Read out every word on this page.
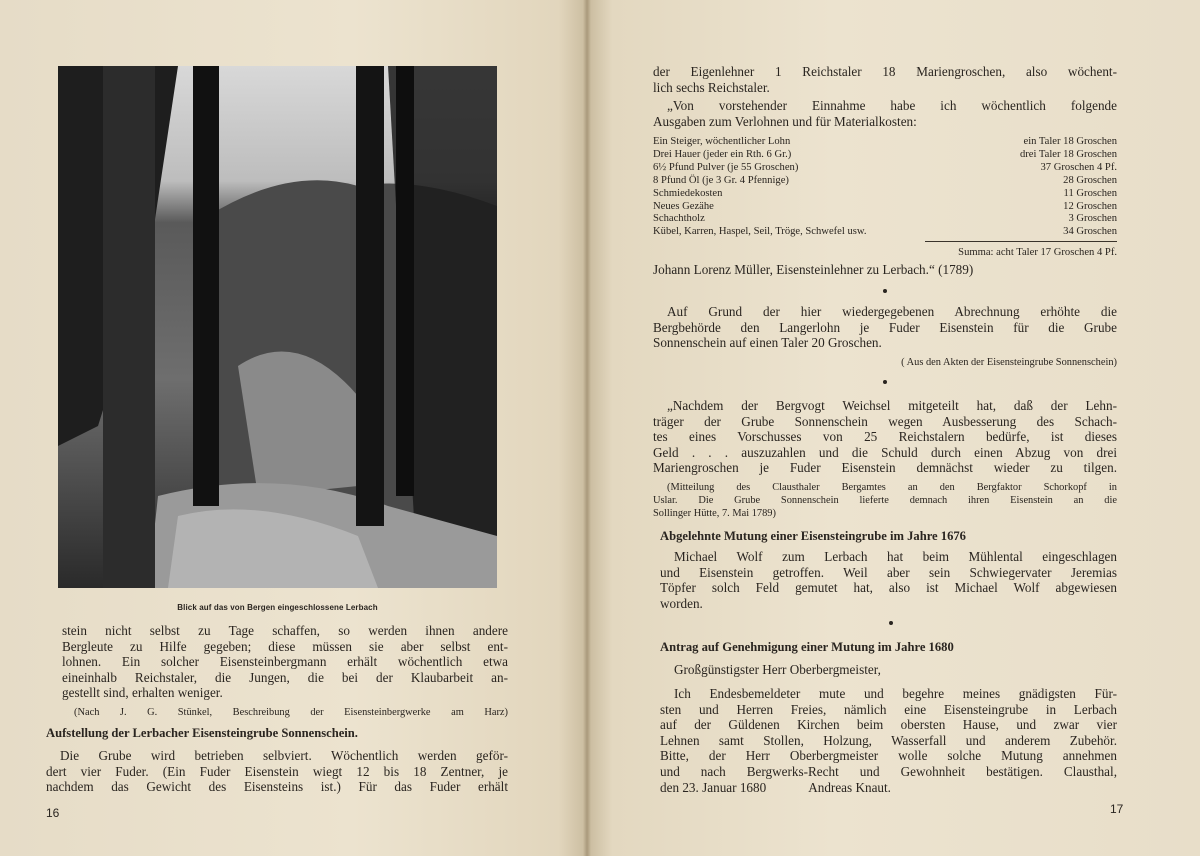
Blick auf das von Bergen eingeschlossene Lerbach
stein nicht selbst zu Tage schaffen, so werden ihnen andere
Bergleute zu Hilfe gegeben; diese müssen sie aber selbst ent-
lohnen. Ein solcher Eisensteinbergmann erhält wöchentlich etwa
eineinhalb Reichstaler, die Jungen, die bei der Klaubarbeit an-
gestellt sind, erhalten weniger.
(Nach J. G. Stünkel, Beschreibung der Eisensteinbergwerke am Harz)
Aufstellung der Lerbacher Eisensteingrube Sonnenschein.
Die Grube wird betrieben selbviert. Wöchentlich werden geför-
dert vier Fuder. (Ein Fuder Eisenstein wiegt 12 bis 18 Zentner, je
nachdem das Gewicht des Eisensteins ist.) Für das Fuder erhält
16
der Eigenlehner 1 Reichstaler 18 Mariengroschen, also wöchent-
lich sechs Reichstaler.
„Von vorstehender Einnahme habe ich wöchentlich folgende
Ausgaben zum Verlohnen und für Materialkosten:
Ein Steiger, wöchentlicher Lohn	ein Taler 18 Groschen
Drei Hauer (jeder ein Rth. 6 Gr.)	drei Taler 18 Groschen
6½ Pfund Pulver (je 55 Groschen)	37 Groschen 4 Pf.
8 Pfund Öl (je 3 Gr. 4 Pfennige)	28 Groschen
Schmiedekosten	11 Groschen
Neues Gezähe	12 Groschen
Schachtholz	3 Groschen
Kübel, Karren, Haspel, Seil, Tröge, Schwefel usw.	34 Groschen
Summa: acht Taler 17 Groschen 4 Pf.
Johann Lorenz Müller, Eisensteinlehner zu Lerbach.“ (1789)
Auf Grund der hier wiedergegebenen Abrechnung erhöhte die
Bergbehörde den Langerlohn je Fuder Eisenstein für die Grube
Sonnenschein auf einen Taler 20 Groschen.
( Aus den Akten der Eisensteingrube Sonnenschein)
„Nachdem der Bergvogt Weichsel mitgeteilt hat, daß der Lehn-
träger der Grube Sonnenschein wegen Ausbesserung des Schach-
tes eines Vorschusses von 25 Reichstalern bedürfe, ist dieses
Geld . . . auszuzahlen und die Schuld durch einen Abzug von drei
Mariengroschen je Fuder Eisenstein demnächst wieder zu tilgen.
(Mitteilung des Clausthaler Bergamtes an den Bergfaktor Schorkopf in
Uslar. Die Grube Sonnenschein lieferte demnach ihren Eisenstein an die
Sollinger Hütte, 7. Mai 1789)
Abgelehnte Mutung einer Eisensteingrube im Jahre 1676
Michael Wolf zum Lerbach hat beim Mühlental eingeschlagen
und Eisenstein getroffen. Weil aber sein Schwiegervater Jeremias
Töpfer solch Feld gemutet hat, also ist Michael Wolf abgewiesen
worden.
Antrag auf Genehmigung einer Mutung im Jahre 1680
Großgünstigster Herr Oberbergmeister,
Ich Endesbemeldeter mute und begehre meines gnädigsten Für-
sten und Herren Freies, nämlich eine Eisensteingrube in Lerbach
auf der Güldenen Kirchen beim obersten Hause, und zwar vier
Lehnen samt Stollen, Holzung, Wasserfall und anderem Zubehör.
Bitte, der Herr Oberbergmeister wolle solche Mutung annehmen
und nach Bergwerks-Recht und Gewohnheit bestätigen. Clausthal,
den 23. Januar 1680	Andreas Knaut.
17
